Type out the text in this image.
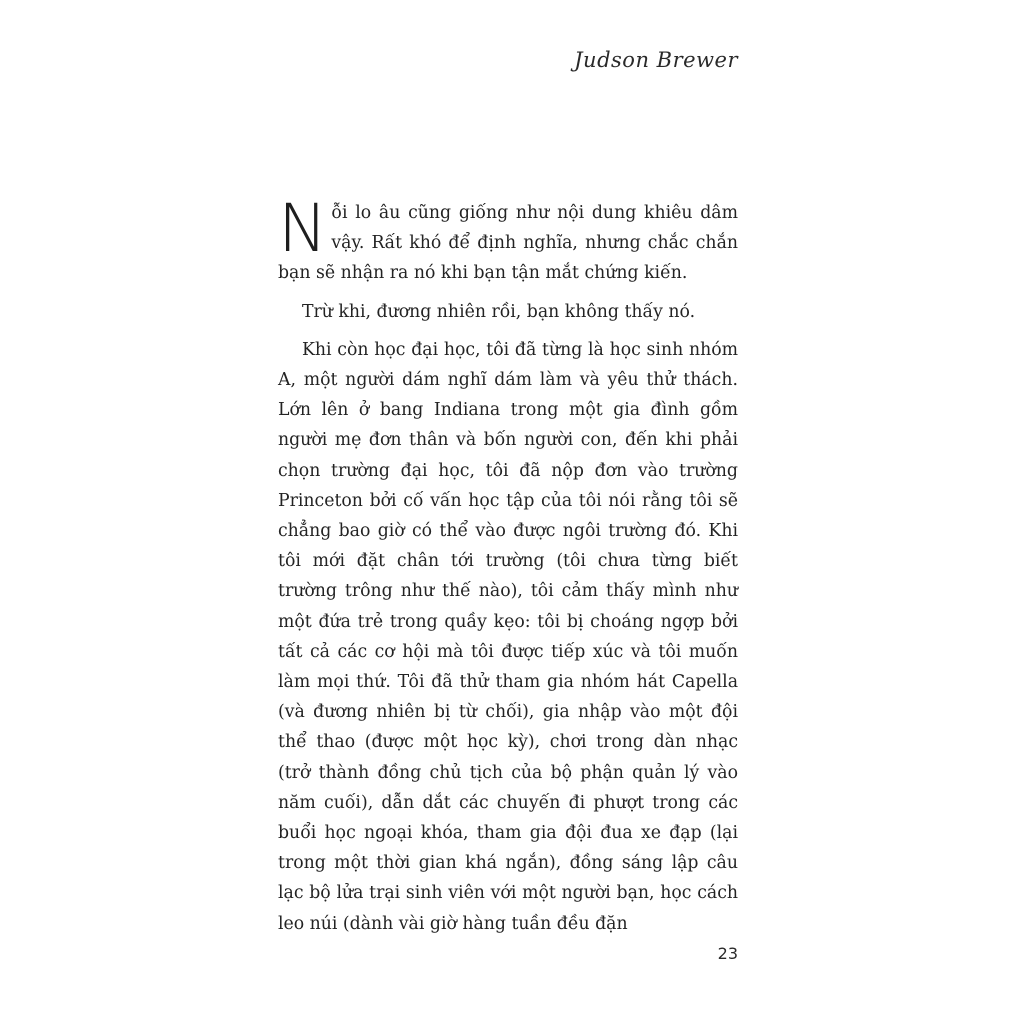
Judson Brewer

Nỗi lo âu cũng giống như nội dung khiêu dâm vậy. Rất khó để định nghĩa, nhưng chắc chắn bạn sẽ nhận ra nó khi bạn tận mắt chứng kiến.

Trừ khi, đương nhiên rồi, bạn không thấy nó.

Khi còn học đại học, tôi đã từng là học sinh nhóm A, một người dám nghĩ dám làm và yêu thử thách. Lớn lên ở bang Indiana trong một gia đình gồm người mẹ đơn thân và bốn người con, đến khi phải chọn trường đại học, tôi đã nộp đơn vào trường Princeton bởi cố vấn học tập của tôi nói rằng tôi sẽ chẳng bao giờ có thể vào được ngôi trường đó. Khi tôi mới đặt chân tới trường (tôi chưa từng biết trường trông như thế nào), tôi cảm thấy mình như một đứa trẻ trong quầy kẹo: tôi bị choáng ngợp bởi tất cả các cơ hội mà tôi được tiếp xúc và tôi muốn làm mọi thứ. Tôi đã thử tham gia nhóm hát Capella (và đương nhiên bị từ chối), gia nhập vào một đội thể thao (được một học kỳ), chơi trong dàn nhạc (trở thành đồng chủ tịch của bộ phận quản lý vào năm cuối), dẫn dắt các chuyến đi phượt trong các buổi học ngoại khóa, tham gia đội đua xe đạp (lại trong một thời gian khá ngắn), đồng sáng lập câu lạc bộ lửa trại sinh viên với một người bạn, học cách leo núi (dành vài giờ hàng tuần đều đặn

23
